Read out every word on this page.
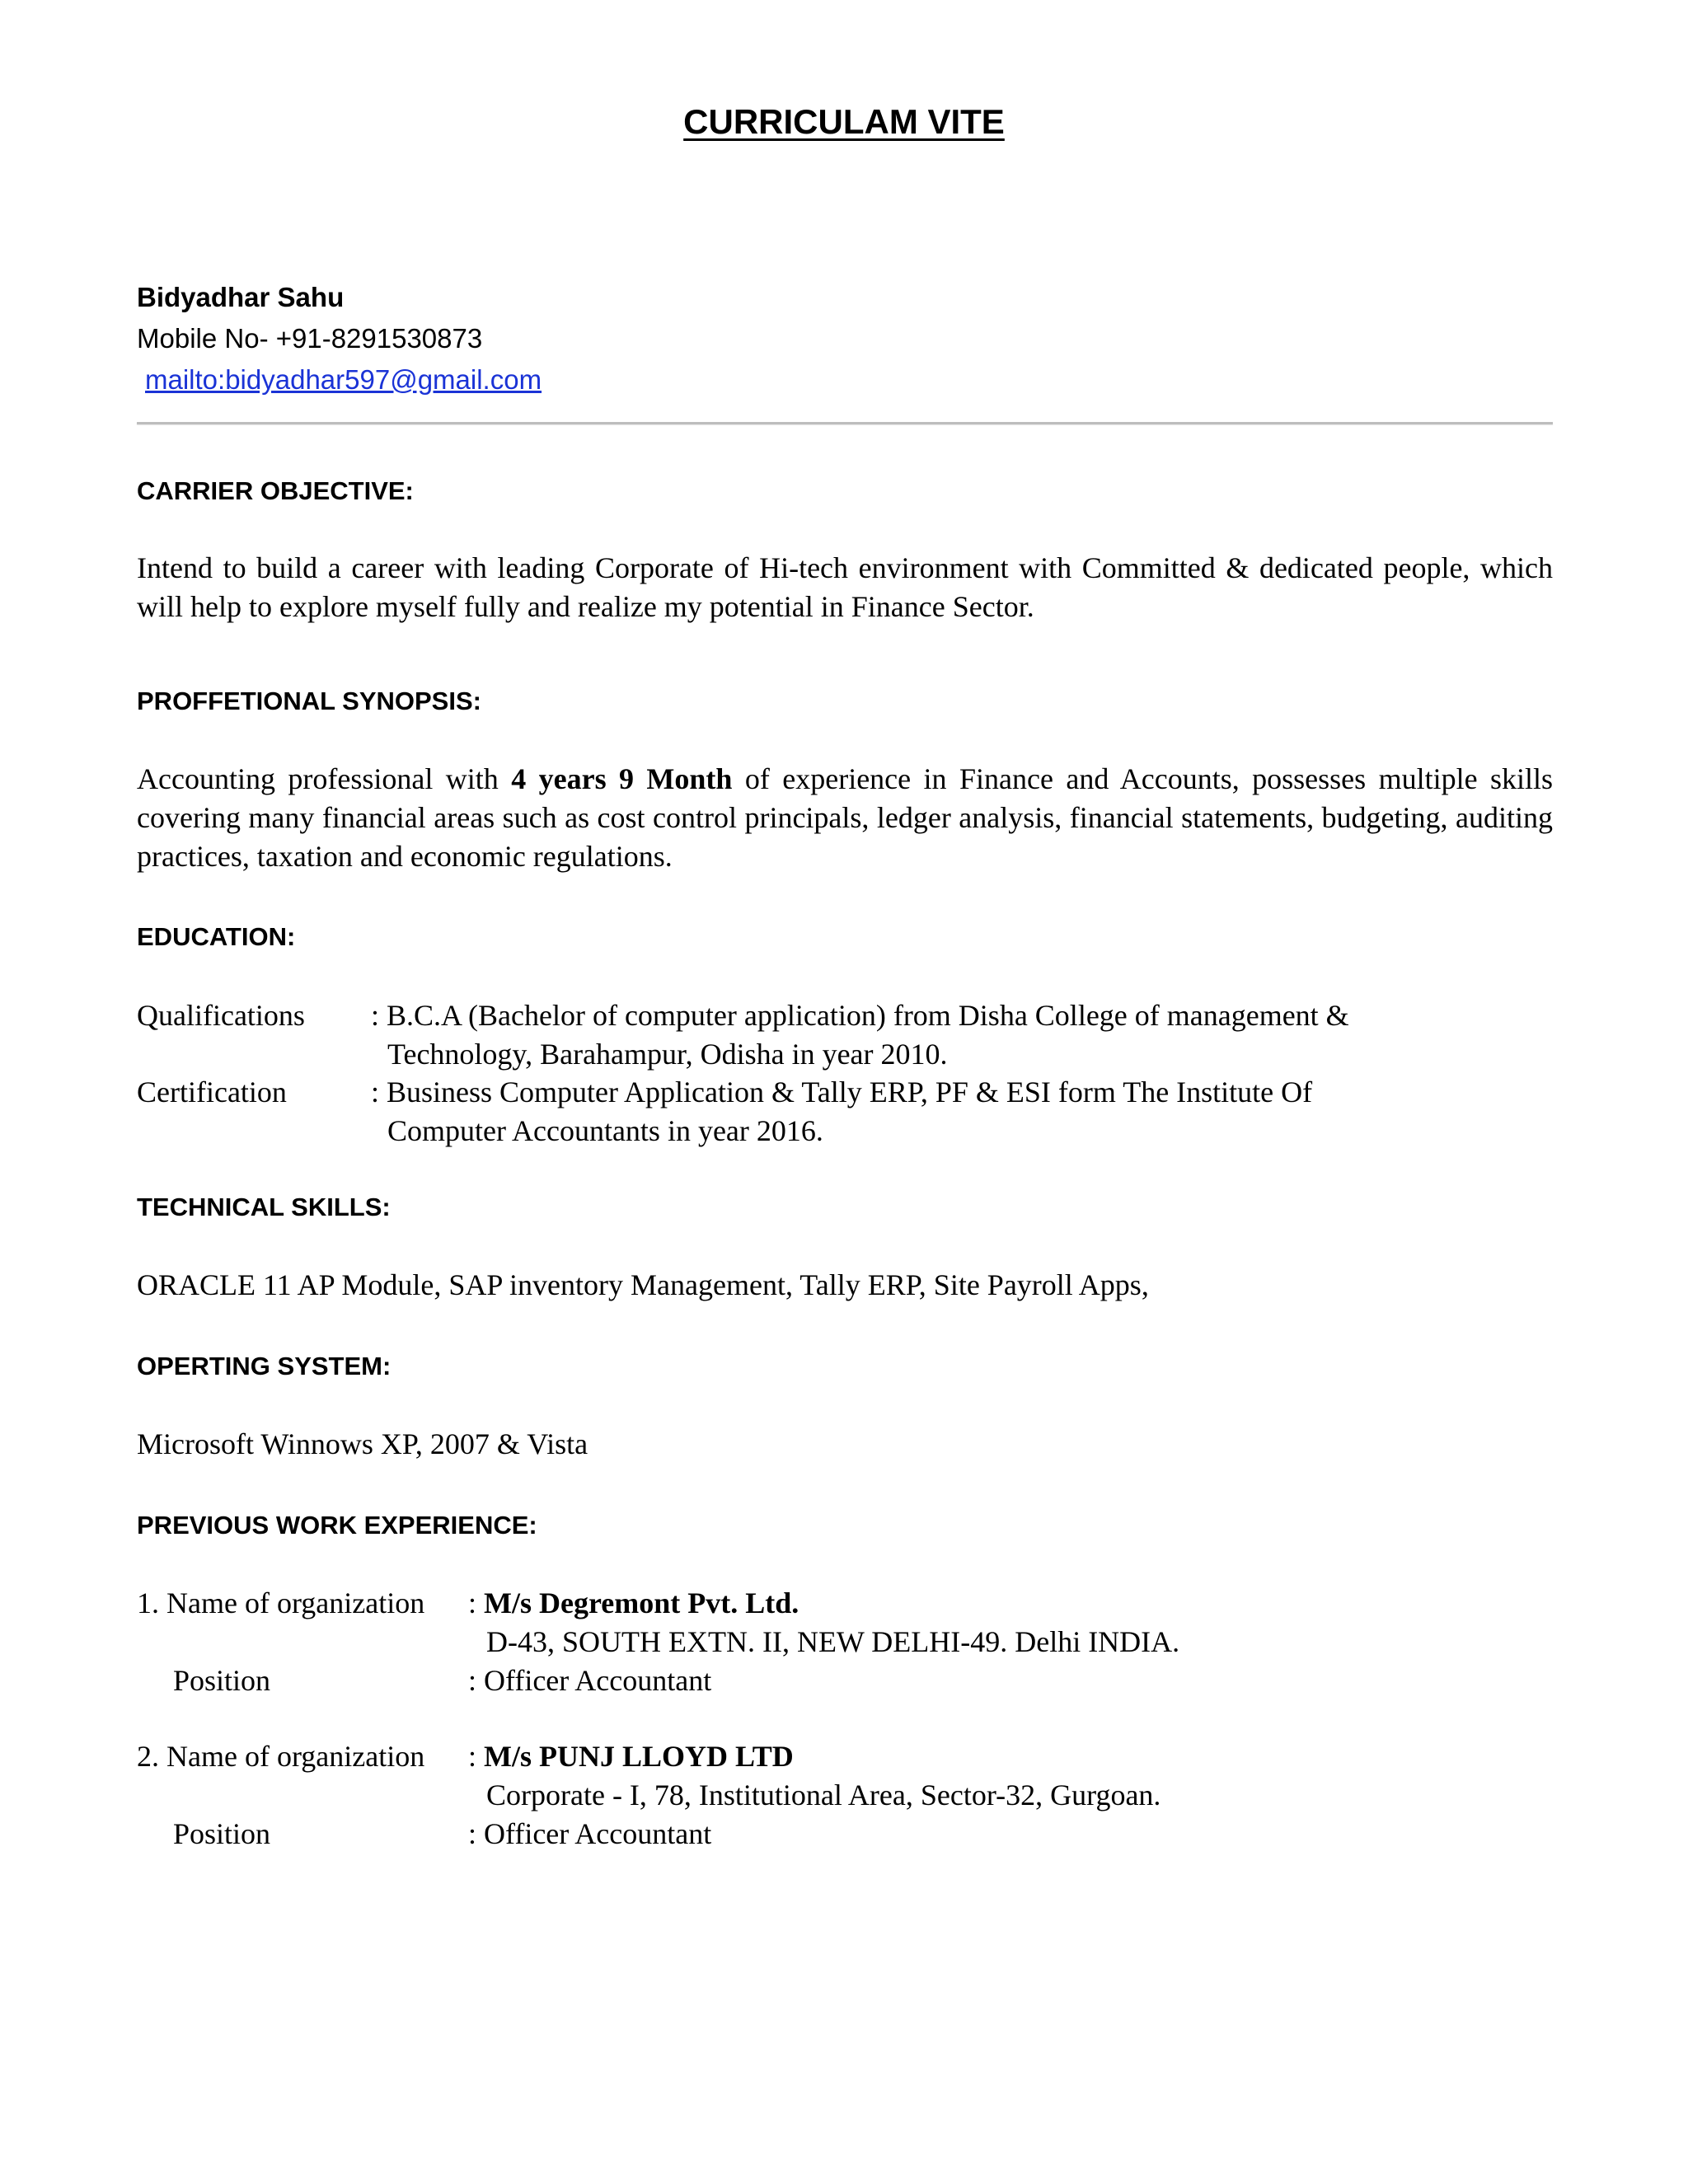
CURRICULAM VITE
Bidyadhar Sahu
Mobile No- +91-8291530873
mailto:bidyadhar597@gmail.com
CARRIER OBJECTIVE:
Intend to build a career with leading Corporate of Hi-tech environment with Committed & dedicated people, which will help to explore myself fully and realize my potential in Finance Sector.
PROFFETIONAL SYNOPSIS:
Accounting professional with 4 years 9 Month of experience in Finance and Accounts, possesses multiple skills covering many financial areas such as cost control principals, ledger analysis, financial statements, budgeting, auditing practices, taxation and economic regulations.
EDUCATION:
Qualifications : B.C.A (Bachelor of computer application) from Disha College of management &
Technology, Barahampur, Odisha in year 2010.
Certification	: Business Computer Application & Tally ERP, PF & ESI form The Institute Of
Computer Accountants in year 2016.
TECHNICAL SKILLS:
ORACLE 11 AP Module, SAP inventory Management, Tally ERP, Site Payroll Apps,
OPERTING SYSTEM:
Microsoft Winnows XP, 2007 & Vista
PREVIOUS WORK EXPERIENCE:
1. Name of organization : M/s Degremont Pvt. Ltd.
D-43, SOUTH EXTN. II, NEW DELHI-49. Delhi INDIA.
: Officer Accountant
Position
2. Name of organization : M/s PUNJ LLOYD LTD
Corporate - I, 78, Institutional Area, Sector-32, Gurgoan.
: Officer Accountant
Position
